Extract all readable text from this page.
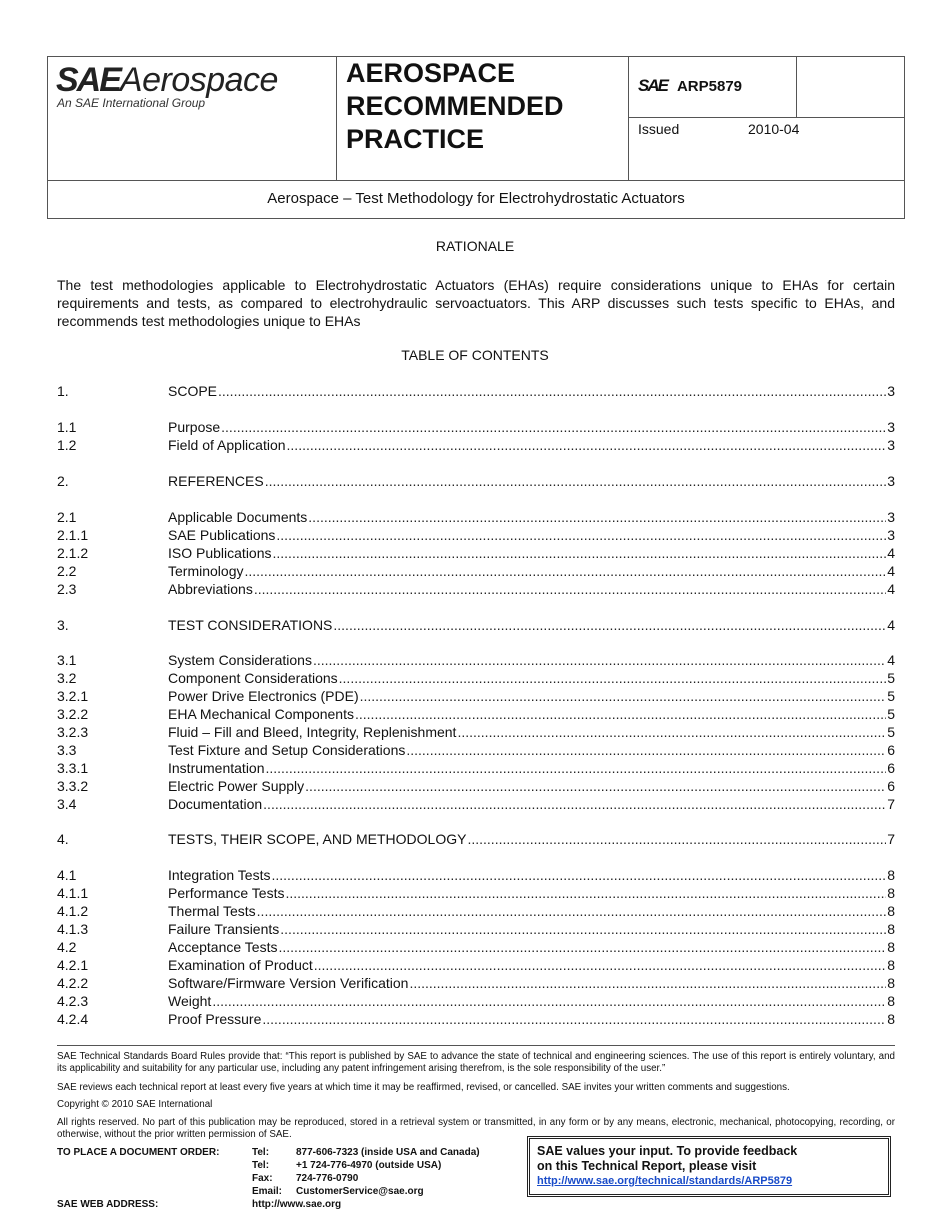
SAEAerospace
An SAE International Group
AEROSPACE
RECOMMENDED
PRACTICE
SAE ARP5879
Issued	2010-04
Aerospace – Test Methodology for Electrohydrostatic Actuators
RATIONALE
The test methodologies applicable to Electrohydrostatic Actuators (EHAs) require considerations unique to EHAs for certain requirements and tests, as compared to electrohydraulic servoactuators. This ARP discusses such tests specific to EHAs, and recommends test methodologies unique to EHAs
TABLE OF CONTENTS
1.	SCOPE .....	3
1.1	Purpose .....	3
1.2	Field of Application .....	3
2.	REFERENCES .....	3
2.1	Applicable Documents .....	3
2.1.1	SAE Publications .....	3
2.1.2	ISO Publications .....	4
2.2	Terminology .....	4
2.3	Abbreviations .....	4
3.	TEST CONSIDERATIONS .....	4
3.1	System Considerations .....	4
3.2	Component Considerations .....	5
3.2.1	Power Drive Electronics (PDE) .....	5
3.2.2	EHA Mechanical Components .....	5
3.2.3	Fluid – Fill and Bleed, Integrity, Replenishment .....	5
3.3	Test Fixture and Setup Considerations .....	6
3.3.1	Instrumentation .....	6
3.3.2	Electric Power Supply .....	6
3.4	Documentation .....	7
4.	TESTS, THEIR SCOPE, AND METHODOLOGY .....	7
4.1	Integration Tests .....	8
4.1.1	Performance Tests .....	8
4.1.2	Thermal Tests .....	8
4.1.3	Failure Transients .....	8
4.2	Acceptance Tests .....	8
4.2.1	Examination of Product .....	8
4.2.2	Software/Firmware Version Verification .....	8
4.2.3	Weight .....	8
4.2.4	Proof Pressure .....	8
SAE Technical Standards Board Rules provide that: “This report is published by SAE to advance the state of technical and engineering sciences. The use of this report is entirely voluntary, and its applicability and suitability for any particular use, including any patent infringement arising therefrom, is the sole responsibility of the user.”
SAE reviews each technical report at least every five years at which time it may be reaffirmed, revised, or cancelled. SAE invites your written comments and suggestions.
Copyright © 2010 SAE International
All rights reserved. No part of this publication may be reproduced, stored in a retrieval system or transmitted, in any form or by any means, electronic, mechanical, photocopying, recording, or otherwise, without the prior written permission of SAE.
TO PLACE A DOCUMENT ORDER:
SAE WEB ADDRESS:
Tel:	877-606-7323 (inside USA and Canada)
Tel:	+1 724-776-4970 (outside USA)
Fax: 724-776-0790
Email: CustomerService@sae.org
http://www.sae.org
SAE values your input. To provide feedback
on this Technical Report, please visit
http://www.sae.org/technical/standards/ARP5879
